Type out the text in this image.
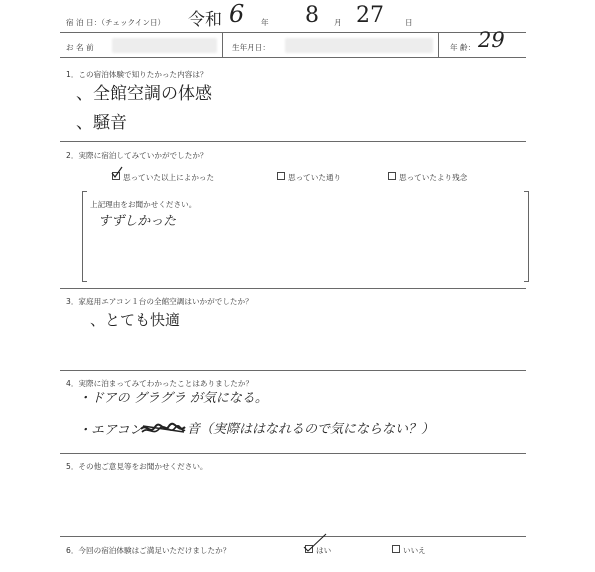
宿 泊 日：（チェックイン日） 令和 6 年 8 月 27	日
お 名 前	生年月日：	年 齢： 29
1．この宿泊体験で知りたかった内容は？
、全館空調の体感
、騒音
2．実際に宿泊してみていかがでしたか？
思っていた以上によかった	思っていた通り	思っていたより残念
上記理由をお聞かせください。
すずしかった
3．家庭用エアコン１台の全館空調はいかがでしたか？
、とても快適
4．実際に泊まってみてわかったことはありましたか？
・ドアの グラグラ が気になる。
・エアコン	音（実際ははなれるので気にならない？）
5．その他ご意見等をお聞かせください。
6．今回の宿泊体験はご満足いただけましたか？	はい	いいえ
